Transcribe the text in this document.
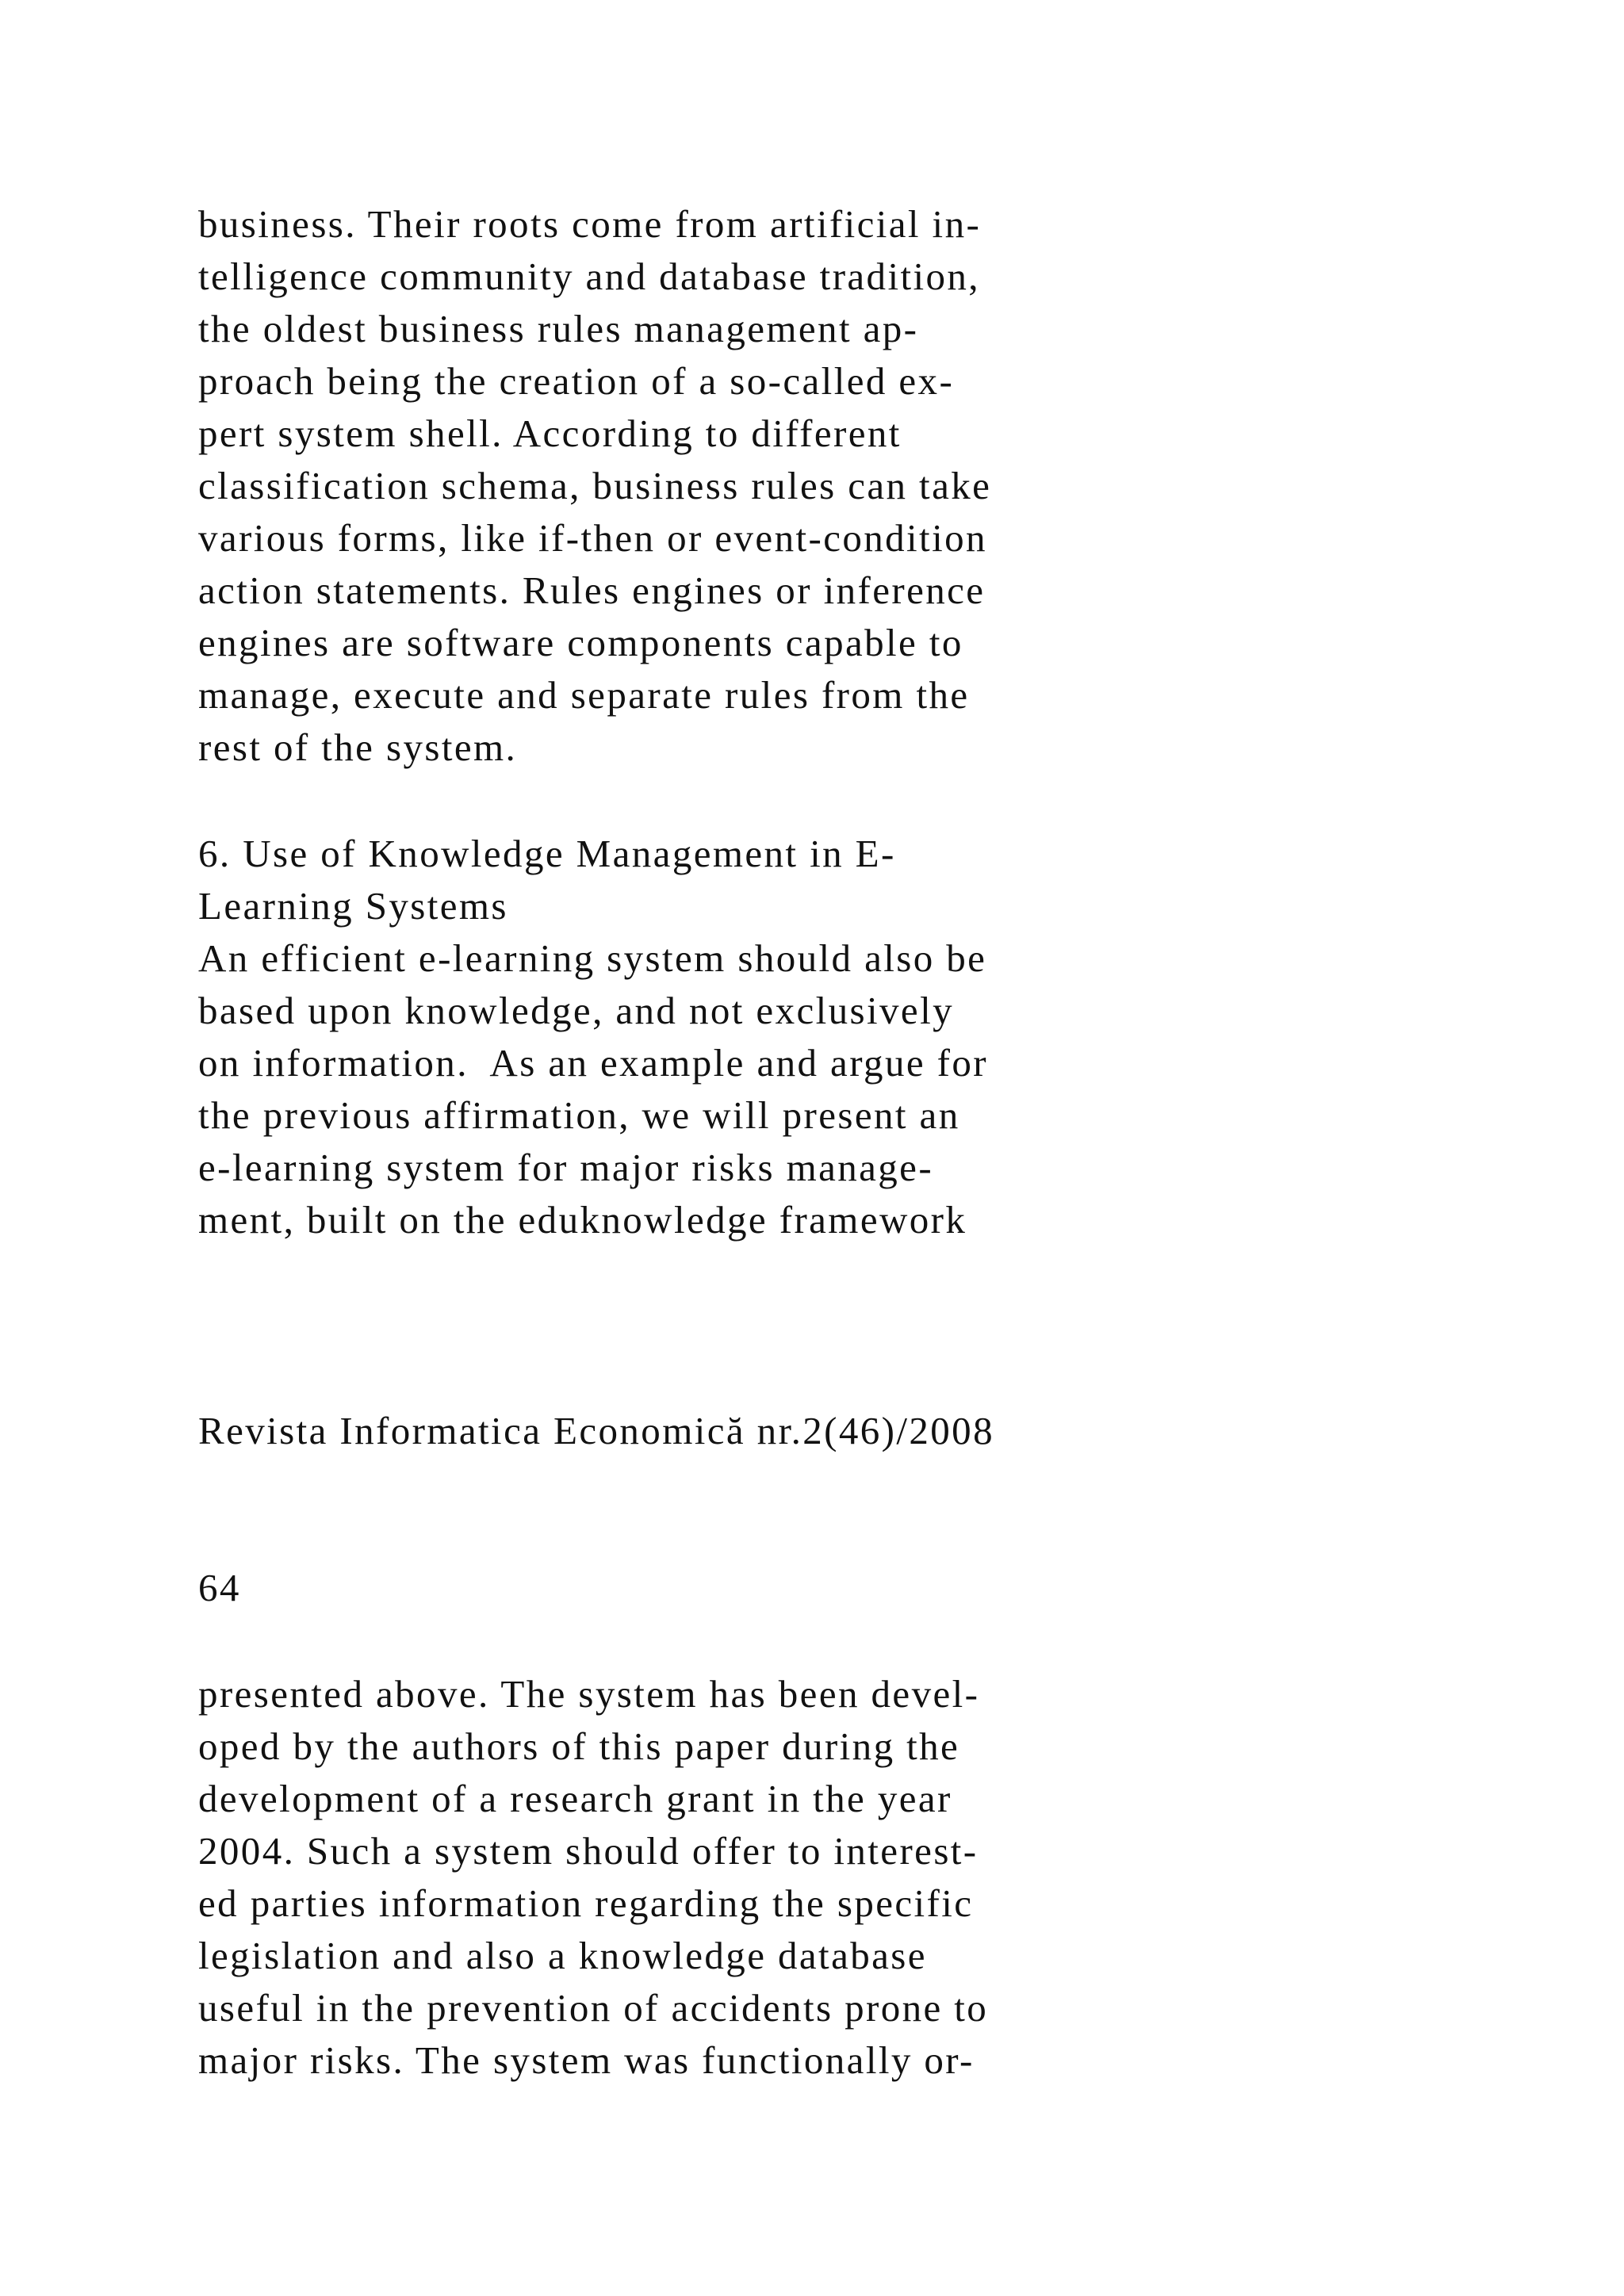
business. Their roots come from artificial in-
telligence community and database tradition,
the oldest business rules management ap-
proach being the creation of a so-called ex-
pert system shell. According to different
classification schema, business rules can take
various forms, like if-then or event-condition
action statements. Rules engines or inference
engines are software components capable to
manage, execute and separate rules from the
rest of the system.
6. Use of Knowledge Management in E-
Learning Systems
An efficient e-learning system should also be
based upon knowledge, and not exclusively
on information.  As an example and argue for
the previous affirmation, we will present an
e-learning system for major risks manage-
ment, built on the eduknowledge framework
Revista Informatica Economică nr.2(46)/2008
64
presented above. The system has been devel-
oped by the authors of this paper during the
development of a research grant in the year
2004. Such a system should offer to interest-
ed parties information regarding the specific
legislation and also a knowledge database
useful in the prevention of accidents prone to
major risks. The system was functionally or-
